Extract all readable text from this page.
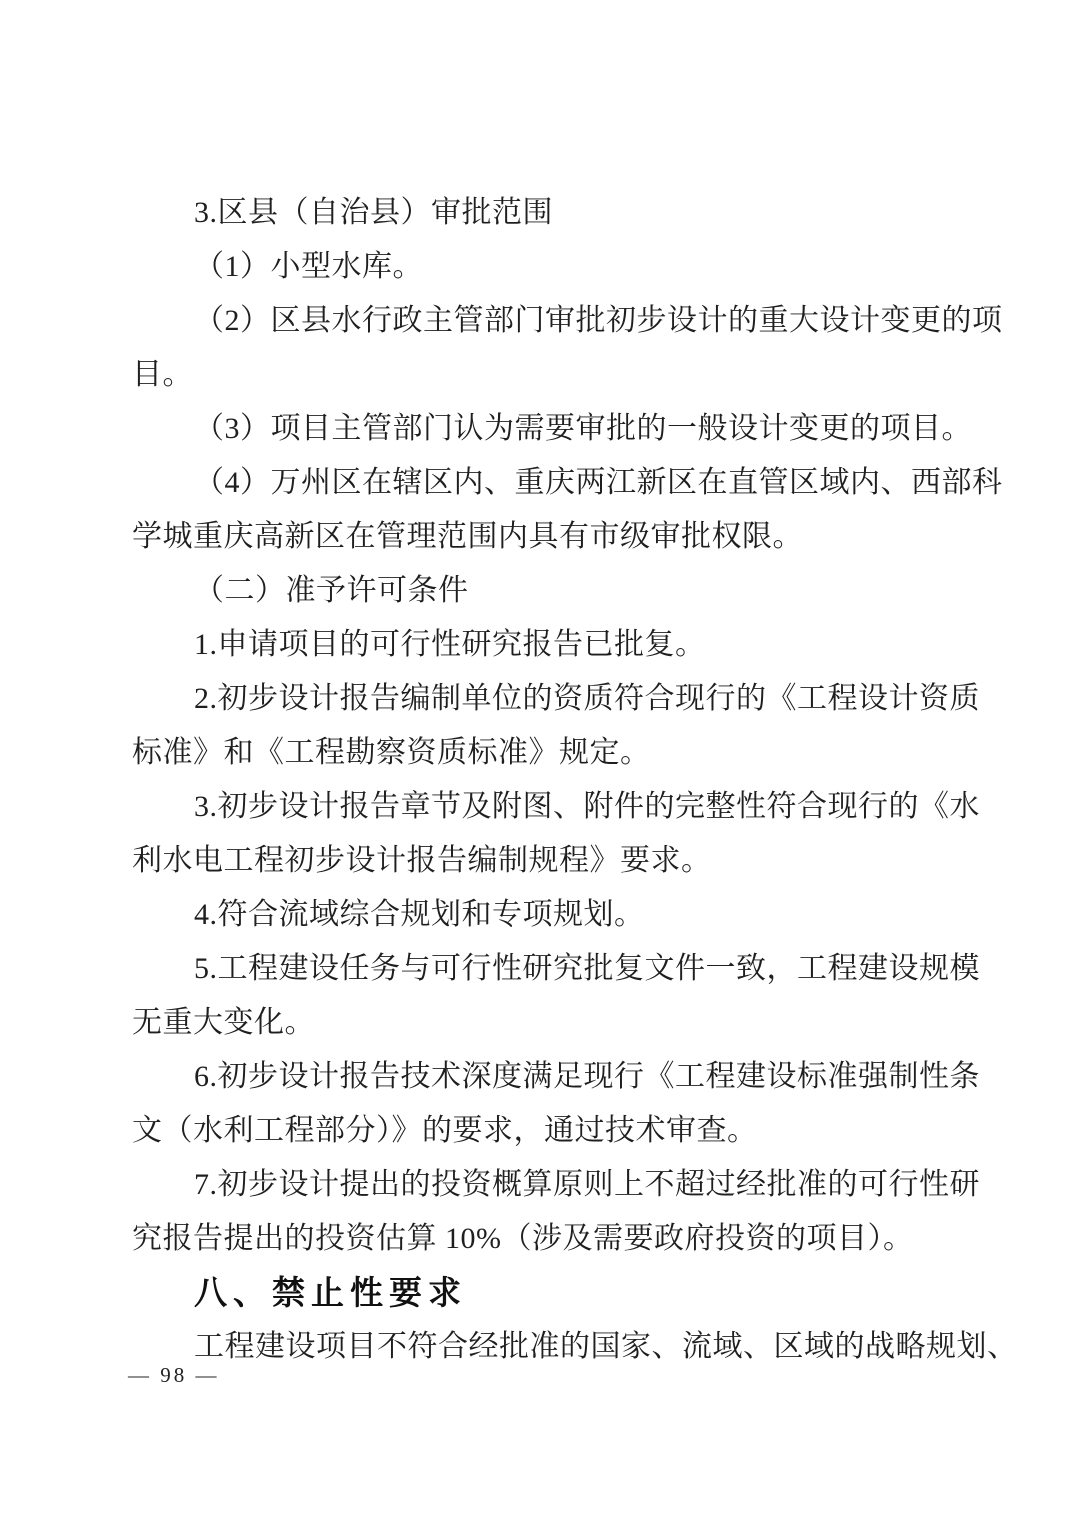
3.区县（自治县）审批范围
（1）小型水库。
（2）区县水行政主管部门审批初步设计的重大设计变更的项
目。
（3）项目主管部门认为需要审批的一般设计变更的项目。
（4）万州区在辖区内、重庆两江新区在直管区域内、西部科
学城重庆高新区在管理范围内具有市级审批权限。
（二）准予许可条件
1.申请项目的可行性研究报告已批复。
2.初步设计报告编制单位的资质符合现行的《工程设计资质
标准》和《工程勘察资质标准》规定。
3.初步设计报告章节及附图、附件的完整性符合现行的《水
利水电工程初步设计报告编制规程》要求。
4.符合流域综合规划和专项规划。
5.工程建设任务与可行性研究批复文件一致，工程建设规模
无重大变化。
6.初步设计报告技术深度满足现行《工程建设标准强制性条
文（水利工程部分）》的要求，通过技术审查。
7.初步设计提出的投资概算原则上不超过经批准的可行性研
究报告提出的投资估算 10%（涉及需要政府投资的项目）。
八、禁止性要求
工程建设项目不符合经批准的国家、流域、区域的战略规划、
— 98 —
